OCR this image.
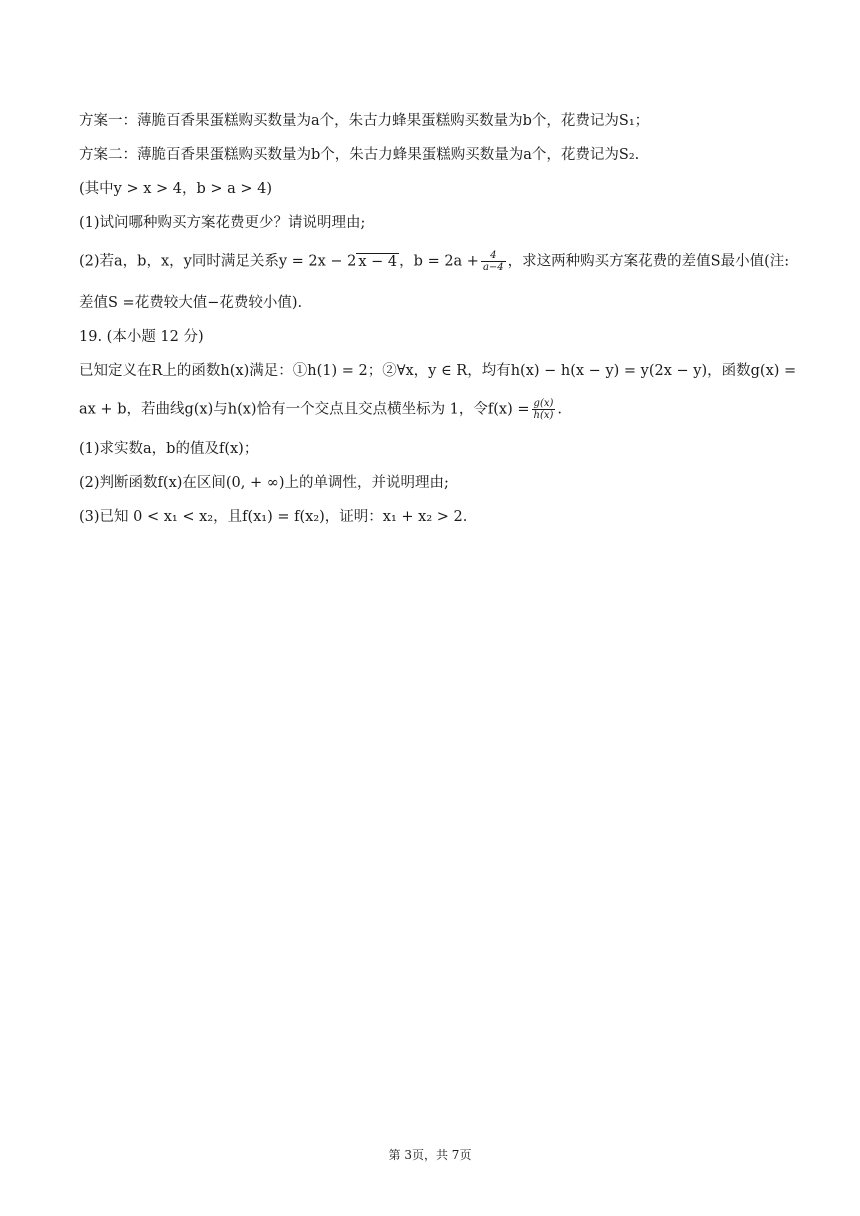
方案一：薄脆百香果蛋糕购买数量为a个，朱古力蜂果蛋糕购买数量为b个，花费记为S₁；
方案二：薄脆百香果蛋糕购买数量为b个，朱古力蜂果蛋糕购买数量为a个，花费记为S₂.
(其中y > x > 4，b > a > 4)
(1)试问哪种购买方案花费更少？请说明理由;
(2)若a，b，x，y同时满足关系y = 2x − 2 x − 4 ，$b = 2a + \frac{4}{a-4}$ ，求这两种购买方案花费的差值S最小值(注:
差值S =花费较大值−花费较小值).
19. (本小题 12 分)
已知定义在R上的函数h(x)满足：①h(1) = 2；②∀x，y ∈ R，均有h(x) − h(x − y) = y(2x − y)，函数g(x) =
ax + b，若曲线g(x)与h(x)恰有一个交点且交点横坐标为 1，令$f(x) = \frac{g(x)}{h(x)}$ .
(1)求实数a，b的值及f(x)；
(2)判断函数f(x)在区间(0, + ∞)上的单调性，并说明理由;
(3)已知 0 < x₁ < x₂，且f(x₁) = f(x₂)，证明：x₁ + x₂ > 2.
第 3页，共 7页
